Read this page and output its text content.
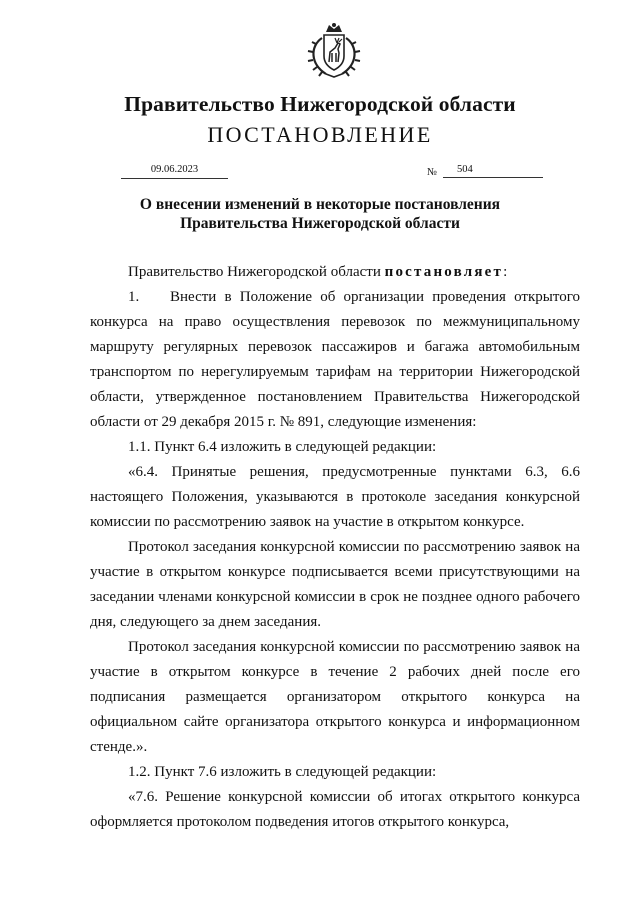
Правительство Нижегородской области
ПОСТАНОВЛЕНИЕ
09.06.2023	№	504
О внесении изменений в некоторые постановления
Правительства Нижегородской области

Правительство Нижегородской области постановляет:

1. Внести в Положение об организации проведения открытого конкурса на право осуществления перевозок по межмуниципальному маршруту регулярных перевозок пассажиров и багажа автомобильным транспортом по нерегулируемым тарифам на территории Нижегородской области, утвержденное постановлением Правительства Нижегородской области от 29 декабря 2015 г. № 891, следующие изменения:

1.1. Пункт 6.4 изложить в следующей редакции:

«6.4. Принятые решения, предусмотренные пунктами 6.3, 6.6 настоящего Положения, указываются в протоколе заседания конкурсной комиссии по рассмотрению заявок на участие в открытом конкурсе.

Протокол заседания конкурсной комиссии по рассмотрению заявок на участие в открытом конкурсе подписывается всеми присутствующими на заседании членами конкурсной комиссии в срок не позднее одного рабочего дня, следующего за днем заседания.

Протокол заседания конкурсной комиссии по рассмотрению заявок на участие в открытом конкурсе в течение 2 рабочих дней после его подписания размещается организатором открытого конкурса на официальном сайте организатора открытого конкурса и информационном стенде.».

1.2. Пункт 7.6 изложить в следующей редакции:

«7.6. Решение конкурсной комиссии об итогах открытого конкурса оформляется протоколом подведения итогов открытого конкурса,
